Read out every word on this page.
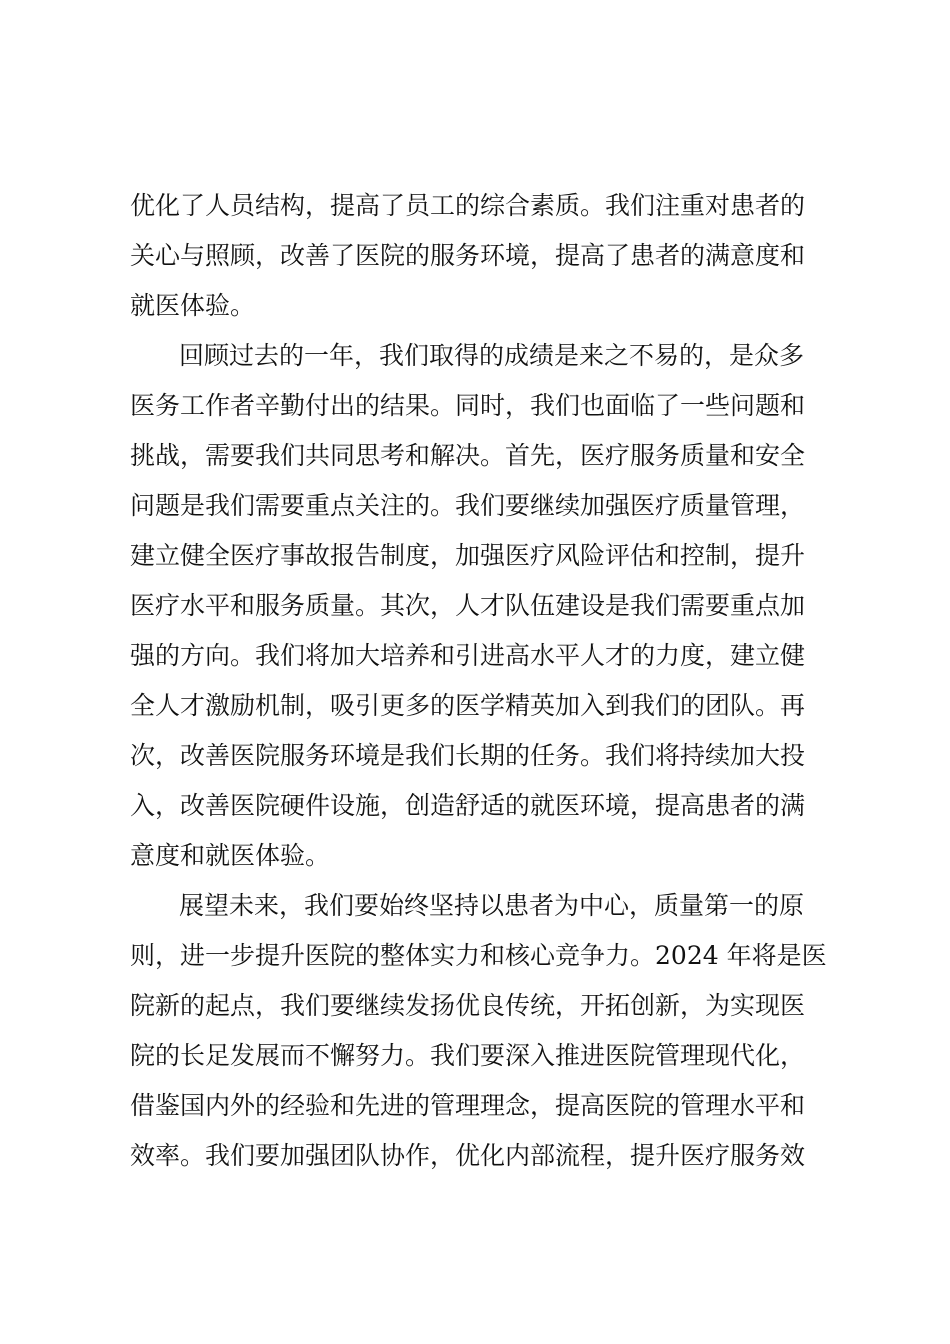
优化了人员结构，提高了员工的综合素质。我们注重对患者的
关心与照顾，改善了医院的服务环境，提高了患者的满意度和
就医体验。
回顾过去的一年，我们取得的成绩是来之不易的，是众多
医务工作者辛勤付出的结果。同时，我们也面临了一些问题和
挑战，需要我们共同思考和解决。首先，医疗服务质量和安全
问题是我们需要重点关注的。我们要继续加强医疗质量管理，
建立健全医疗事故报告制度，加强医疗风险评估和控制，提升
医疗水平和服务质量。其次，人才队伍建设是我们需要重点加
强的方向。我们将加大培养和引进高水平人才的力度，建立健
全人才激励机制，吸引更多的医学精英加入到我们的团队。再
次，改善医院服务环境是我们长期的任务。我们将持续加大投
入，改善医院硬件设施，创造舒适的就医环境，提高患者的满
意度和就医体验。
展望未来，我们要始终坚持以患者为中心，质量第一的原
则，进一步提升医院的整体实力和核心竞争力。2024 年将是医
院新的起点，我们要继续发扬优良传统，开拓创新，为实现医
院的长足发展而不懈努力。我们要深入推进医院管理现代化，
借鉴国内外的经验和先进的管理理念，提高医院的管理水平和
效率。我们要加强团队协作，优化内部流程，提升医疗服务效
